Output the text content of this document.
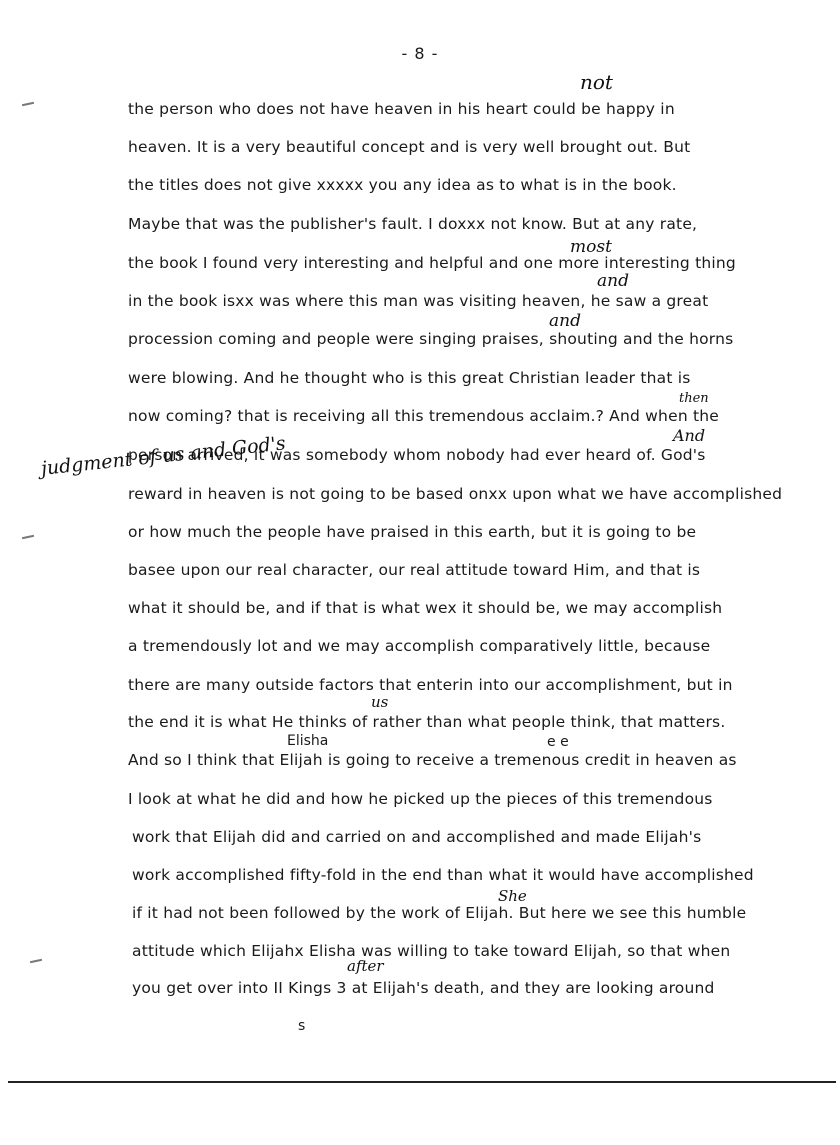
- 8 -
the person who does not have heaven in his heart could be happy in
heaven. It is a very beautiful concept and is very well brought out. But
the titles does not give xxxxx you any idea as to what is in the book.
Maybe that was the publisher's fault. I doxxx not know. But at any rate,
the book I found very interesting and helpful and one more interesting thing
in the book isxx was where this man was visiting heaven, he saw a great
procession coming and people were singing praises, shouting and the horns
were blowing. And he thought who is this great Christian leader that is
now coming? that is receiving all this tremendous acclaim.? And when the
person arrived, it was somebody whom nobody had ever heard of. God's
reward in heaven is not going to be based onxx upon what we have accomplished
or how much the people have praised in this earth, but it is going to be
basee upon our real character, our real attitude toward Him, and that is
what it should be, and if that is what wex it should be, we may accomplish
a tremendously lot and we may accomplish comparatively little, because
there are many outside factors that enterin into our accomplishment, but in
the end it is what He thinks of rather than what people think, that matters.
And so I think that Elijah is going to receive a tremenous credit in heaven as
I look at what he did and how he picked up the pieces of this tremendous
work that Elijah did and carried on and accomplished and made Elijah's
work accomplished fifty-fold in the end than what it would have accomplished
if it had not been followed by the work of Elijah. But here we see this humble
attitude which Elijahx Elisha was willing to take toward Elijah, so that when
you get over into II Kings 3 at Elijah's death, and they are looking around
Elisha	e e
not
most
and
and
then
And
us
She
after
judgment of us and God's
s
